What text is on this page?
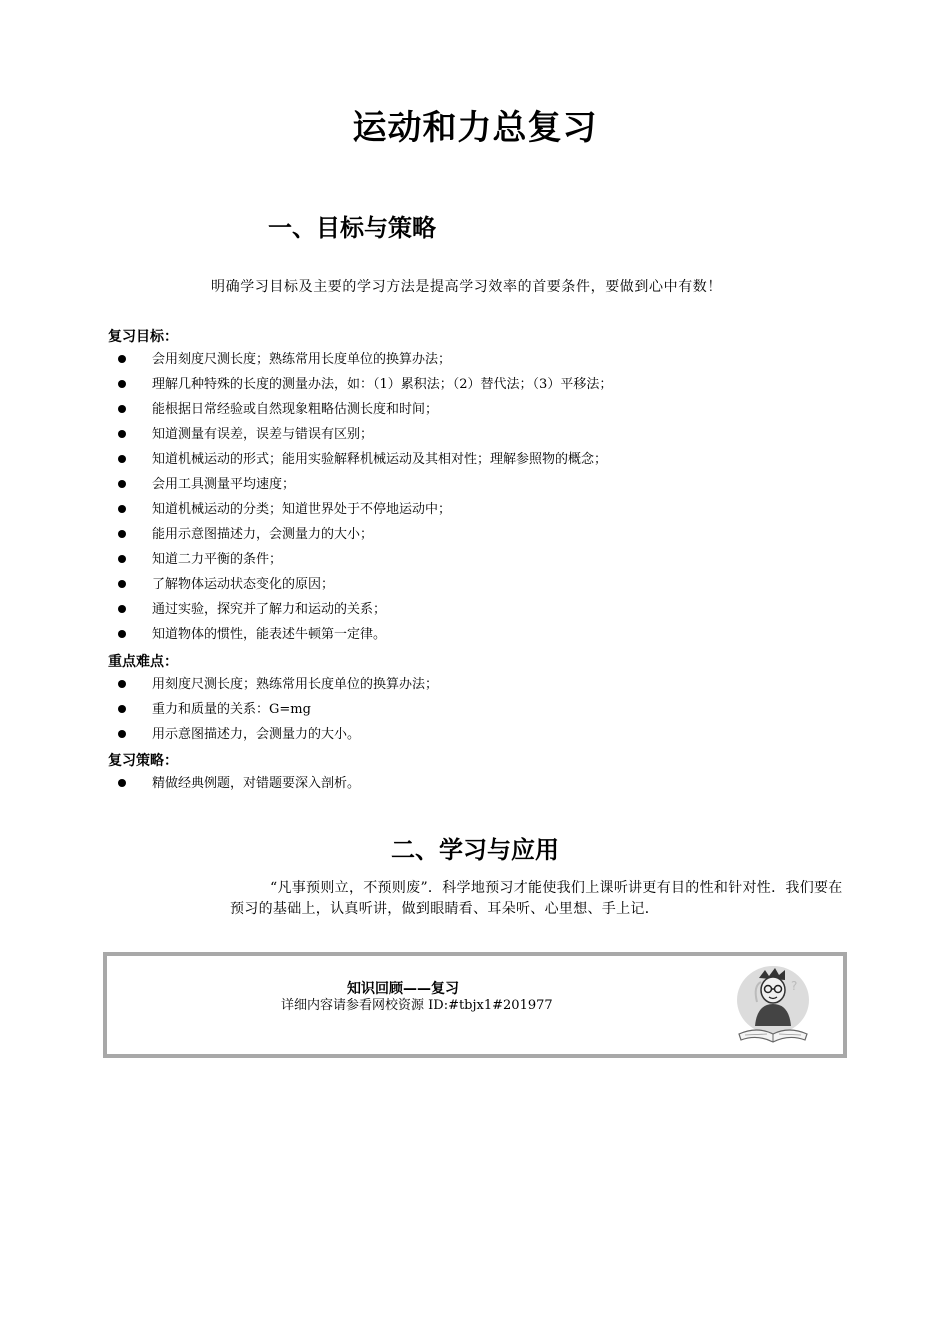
运动和力总复习
一、目标与策略

明确学习目标及主要的学习方法是提高学习效率的首要条件，要做到心中有数！

复习目标：
会用刻度尺测长度；熟练常用长度单位的换算办法；
理解几种特殊的长度的测量办法，如：（1）累积法；（2）替代法；（3）平移法；
能根据日常经验或自然现象粗略估测长度和时间；
知道测量有误差，误差与错误有区别；
知道机械运动的形式；能用实验解释机械运动及其相对性；理解参照物的概念；
会用工具测量平均速度；
知道机械运动的分类；知道世界处于不停地运动中；
能用示意图描述力，会测量力的大小；
知道二力平衡的条件；
了解物体运动状态变化的原因；
通过实验，探究并了解力和运动的关系；
知道物体的惯性，能表述牛顿第一定律。
重点难点：
用刻度尺测长度；熟练常用长度单位的换算办法；
重力和质量的关系：G=mg
用示意图描述力，会测量力的大小。
复习策略：
精做经典例题，对错题要深入剖析。
二、学习与应用

“凡事预则立，不预则废”．科学地预习才能使我们上课听讲更有目的性和针对性．我们要在预习的基础上，认真听讲，做到眼睛看、耳朵听、心里想、手上记．

知识回顾——复习
详细内容请参看网校资源 ID:#tbjx1#201977
?
